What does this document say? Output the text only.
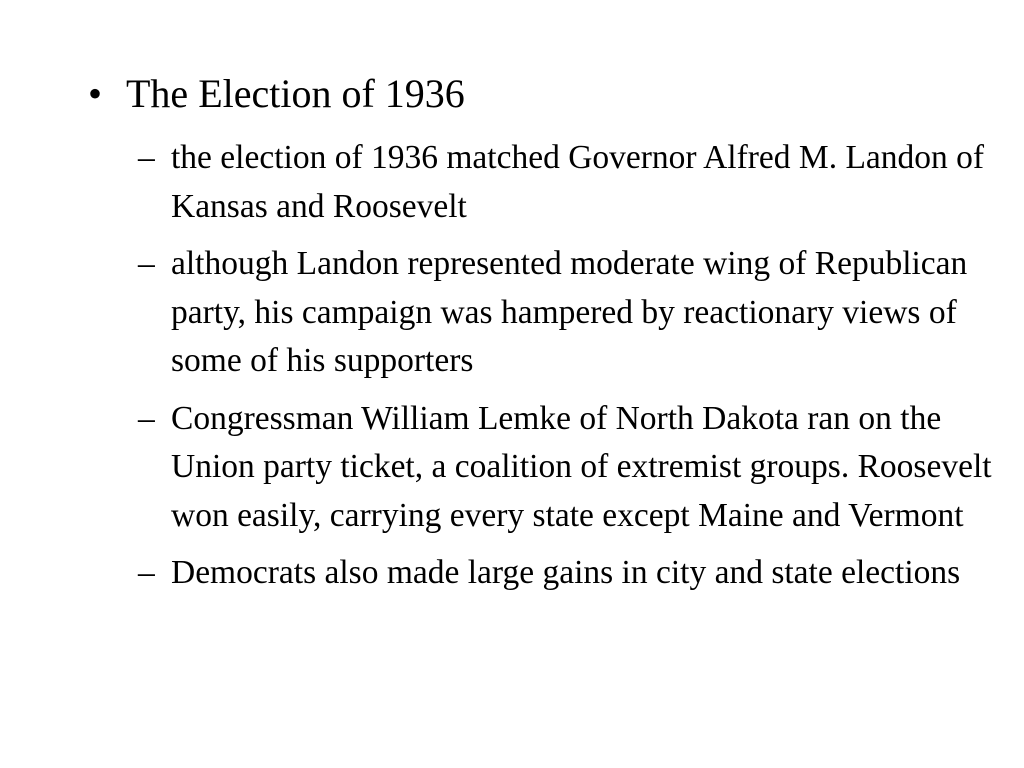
• The Election of 1936
– the election of 1936 matched Governor Alfred M. Landon of Kansas and Roosevelt
– although Landon represented moderate wing of Republican party, his campaign was hampered by reactionary views of some of his supporters
– Congressman William Lemke of North Dakota ran on the Union party ticket, a coalition of extremist groups. Roosevelt won easily, carrying every state except Maine and Vermont
– Democrats also made large gains in city and state elections
